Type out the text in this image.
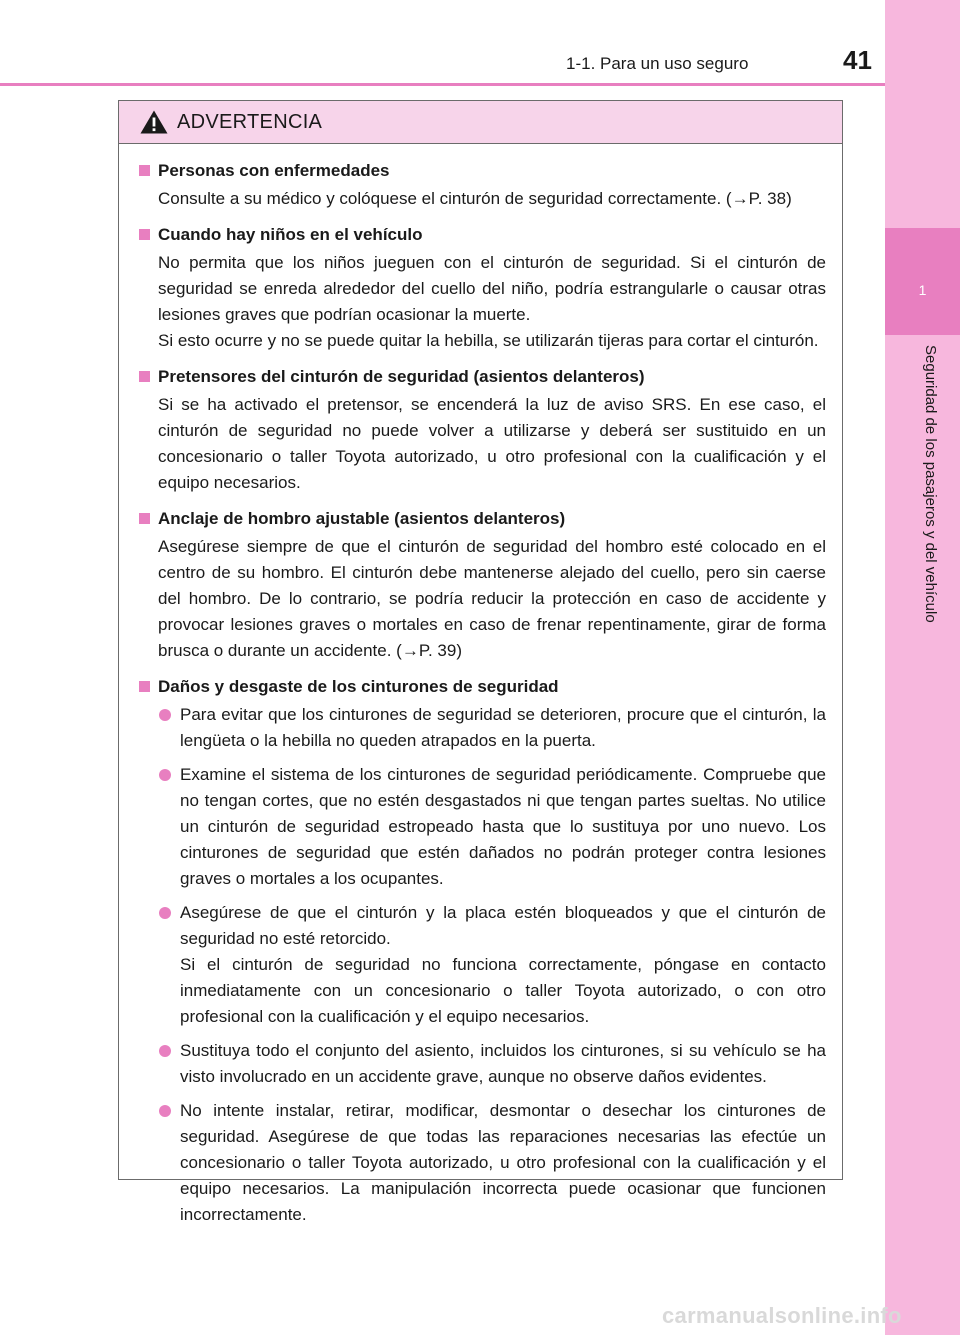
1-1. Para un uso seguro	41
1
Seguridad de los pasajeros y del vehículo
ADVERTENCIA
Personas con enfermedades

Consulte a su médico y colóquese el cinturón de seguridad correctamente. (→P. 38)

Cuando hay niños en el vehículo

No permita que los niños jueguen con el cinturón de seguridad. Si el cinturón de seguridad se enreda alrededor del cuello del niño, podría estrangularle o causar otras lesiones graves que podrían ocasionar la muerte.

Si esto ocurre y no se puede quitar la hebilla, se utilizarán tijeras para cortar el cinturón.

Pretensores del cinturón de seguridad (asientos delanteros)

Si se ha activado el pretensor, se encenderá la luz de aviso SRS. En ese caso, el cinturón de seguridad no puede volver a utilizarse y deberá ser sustituido en un concesionario o taller Toyota autorizado, u otro profesional con la cualificación y el equipo necesarios.

Anclaje de hombro ajustable (asientos delanteros)

Asegúrese siempre de que el cinturón de seguridad del hombro esté colocado en el centro de su hombro. El cinturón debe mantenerse alejado del cuello, pero sin caerse del hombro. De lo contrario, se podría reducir la protección en caso de accidente y provocar lesiones graves o mortales en caso de frenar repentinamente, girar de forma brusca o durante un accidente. (→P. 39)

Daños y desgaste de los cinturones de seguridad
Para evitar que los cinturones de seguridad se deterioren, procure que el cinturón, la lengüeta o la hebilla no queden atrapados en la puerta.
Examine el sistema de los cinturones de seguridad periódicamente. Compruebe que no tengan cortes, que no estén desgastados ni que tengan partes sueltas. No utilice un cinturón de seguridad estropeado hasta que lo sustituya por uno nuevo. Los cinturones de seguridad que estén dañados no podrán proteger contra lesiones graves o mortales a los ocupantes.
Asegúrese de que el cinturón y la placa estén bloqueados y que el cinturón de seguridad no esté retorcido.
Si el cinturón de seguridad no funciona correctamente, póngase en contacto inmediatamente con un concesionario o taller Toyota autorizado, o con otro profesional con la cualificación y el equipo necesarios.
Sustituya todo el conjunto del asiento, incluidos los cinturones, si su vehículo se ha visto involucrado en un accidente grave, aunque no observe daños evidentes.
No intente instalar, retirar, modificar, desmontar o desechar los cinturones de seguridad. Asegúrese de que todas las reparaciones necesarias las efectúe un concesionario o taller Toyota autorizado, u otro profesional con la cualificación y el equipo necesarios. La manipulación incorrecta puede ocasionar que funcionen incorrectamente.
carmanualsonline.info
